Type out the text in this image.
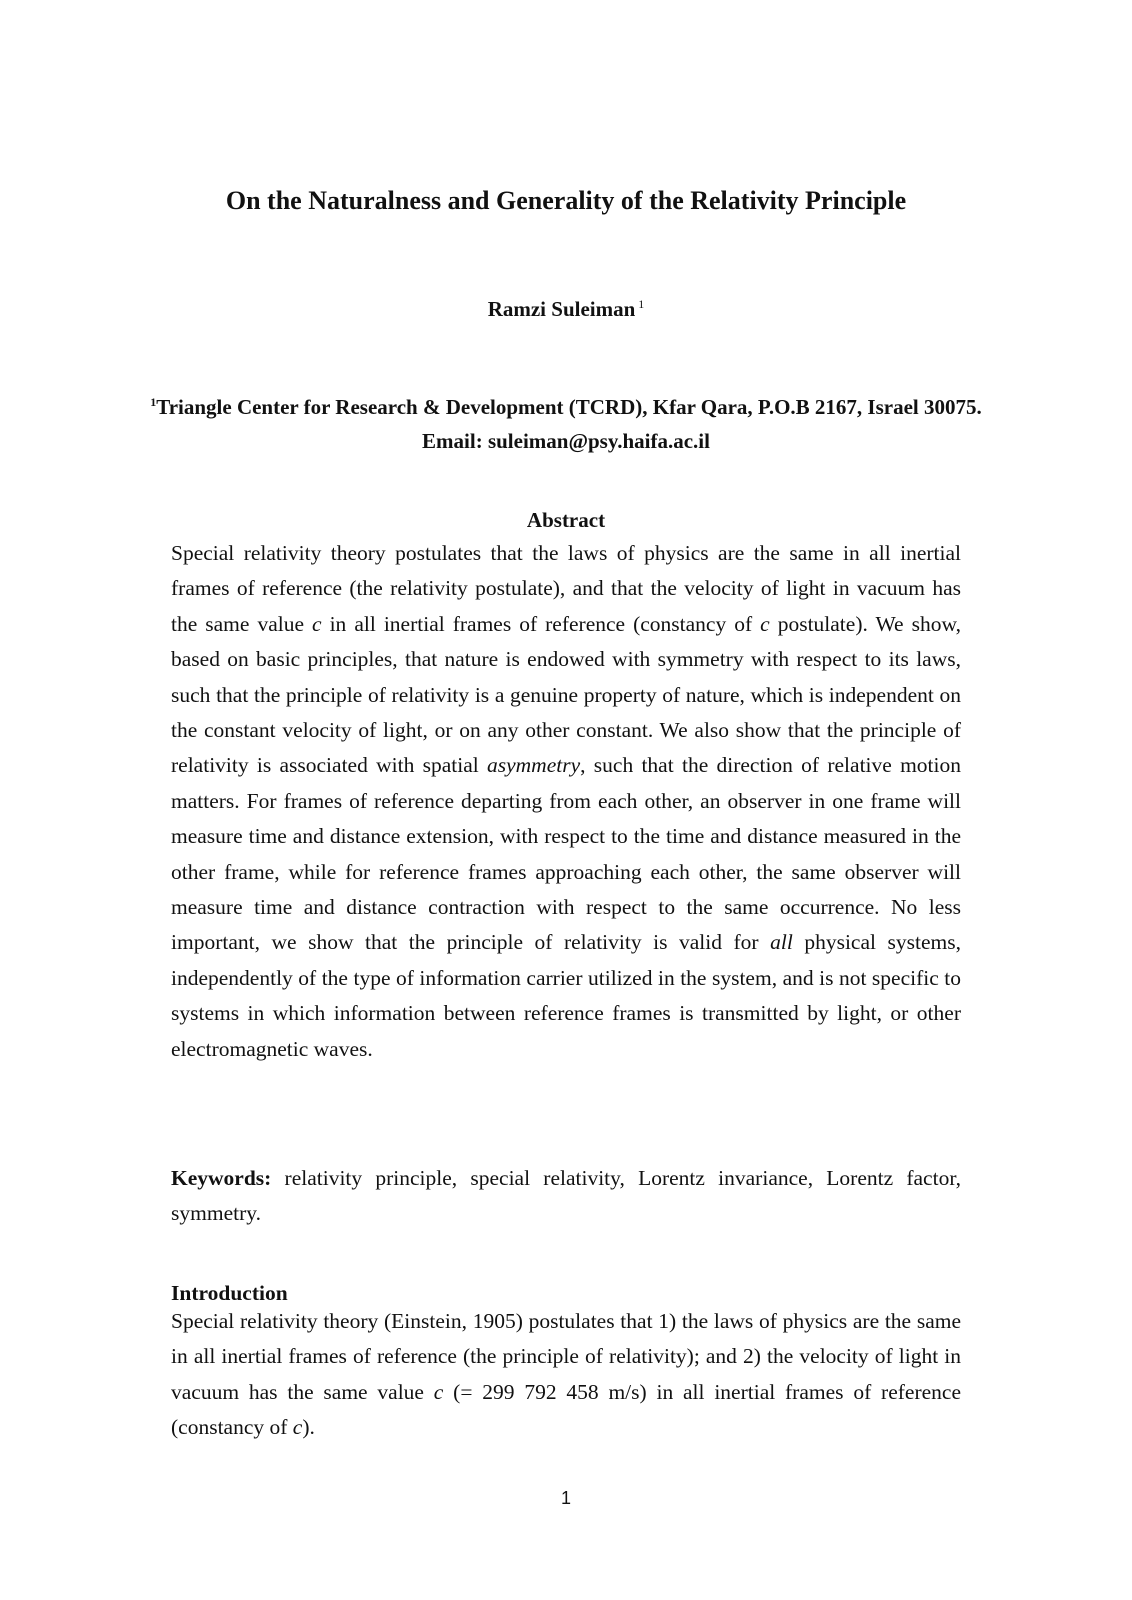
On the Naturalness and Generality of the Relativity Principle
Ramzi Suleiman $^1$
$^1$Triangle Center for Research & Development (TCRD), Kfar Qara, P.O.B 2167, Israel 30075. Email: suleiman@psy.haifa.ac.il
Abstract

Special relativity theory postulates that the laws of physics are the same in all inertial frames of reference (the relativity postulate), and that the velocity of light in vacuum has the same value c in all inertial frames of reference (constancy of c postulate). We show, based on basic principles, that nature is endowed with symmetry with respect to its laws, such that the principle of relativity is a genuine property of nature, which is independent on the constant velocity of light, or on any other constant. We also show that the principle of relativity is associated with spatial asymmetry, such that the direction of relative motion matters. For frames of reference departing from each other, an observer in one frame will measure time and distance extension, with respect to the time and distance measured in the other frame, while for reference frames approaching each other, the same observer will measure time and distance contraction with respect to the same occurrence. No less important, we show that the principle of relativity is valid for all physical systems, independently of the type of information carrier utilized in the system, and is not specific to systems in which information between reference frames is transmitted by light, or other electromagnetic waves.

Keywords: relativity principle, special relativity, Lorentz invariance, Lorentz factor, symmetry.

Introduction

Special relativity theory (Einstein, 1905) postulates that 1) the laws of physics are the same in all inertial frames of reference (the principle of relativity); and 2) the velocity of light in vacuum has the same value c (= 299 792 458 m/s) in all inertial frames of reference (constancy of c).

1
